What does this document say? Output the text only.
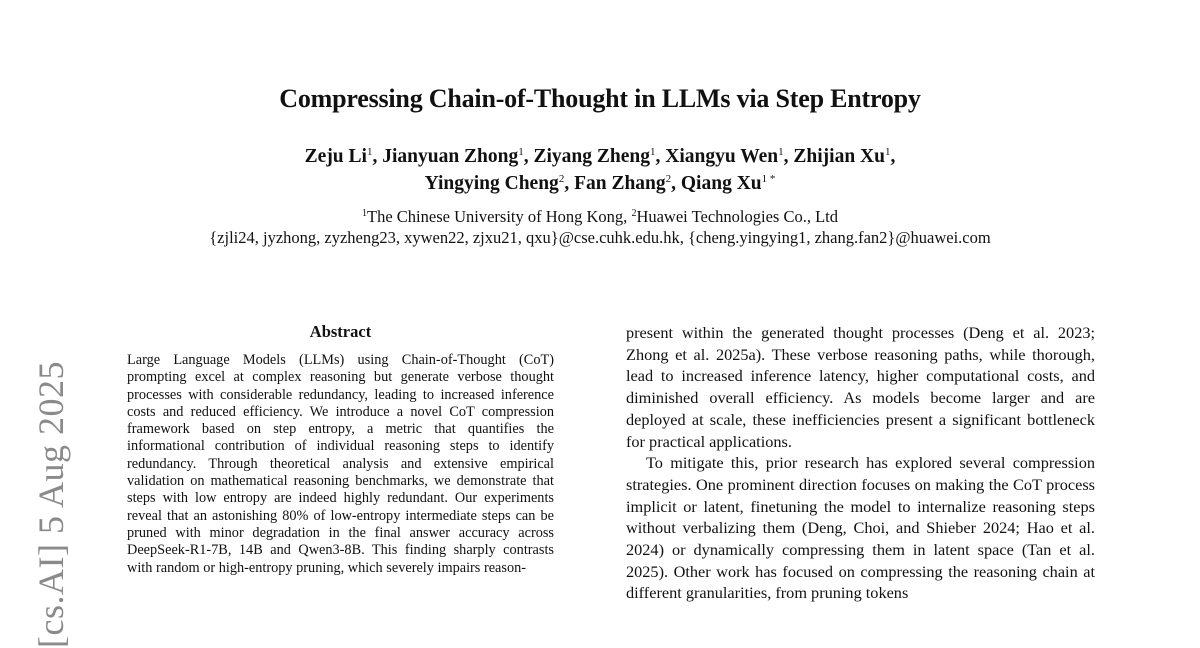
Compressing Chain-of-Thought in LLMs via Step Entropy
Zeju Li$^1$, Jianyuan Zhong$^1$, Ziyang Zheng$^1$, Xiangyu Wen$^1$, Zhijian Xu$^1$,
Yingying Cheng$^2$, Fan Zhang$^2$, Qiang $Xu^{1 *}$
$^1$The Chinese University of Hong Kong, $^2$Huawei Technologies Co., Ltd
{zjli24, jyzhong, zyzheng23, xywen22, zjxu21, qxu}@cse.cuhk.edu.hk, {cheng.yingying1, zhang.fan2}@huawei.com
[cs.AI] 5 Aug 2025
Abstract
Large Language Models (LLMs) using Chain-of-Thought (CoT) prompting excel at complex reasoning but generate verbose thought processes with considerable redundancy, leading to increased inference costs and reduced efficiency. We introduce a novel CoT compression framework based on step entropy, a metric that quantifies the informational contribution of individual reasoning steps to identify redundancy. Through theoretical analysis and extensive empirical validation on mathematical reasoning benchmarks, we demonstrate that steps with low entropy are indeed highly redundant. Our experiments reveal that an astonishing 80% of low-entropy intermediate steps can be pruned with minor degradation in the final answer accuracy across DeepSeek-R1-7B, 14B and Qwen3-8B. This finding sharply contrasts with random or high-entropy pruning, which severely impairs reason-

present within the generated thought processes (Deng et al. 2023; Zhong et al. 2025a). These verbose reasoning paths, while thorough, lead to increased inference latency, higher computational costs, and diminished overall efficiency. As models become larger and are deployed at scale, these inefficiencies present a significant bottleneck for practical applications.

To mitigate this, prior research has explored several compression strategies. One prominent direction focuses on making the CoT process implicit or latent, finetuning the model to internalize reasoning steps without verbalizing them (Deng, Choi, and Shieber 2024; Hao et al. 2024) or dynamically compressing them in latent space (Tan et al. 2025). Other work has focused on compressing the reasoning chain at different granularities, from pruning tokens
